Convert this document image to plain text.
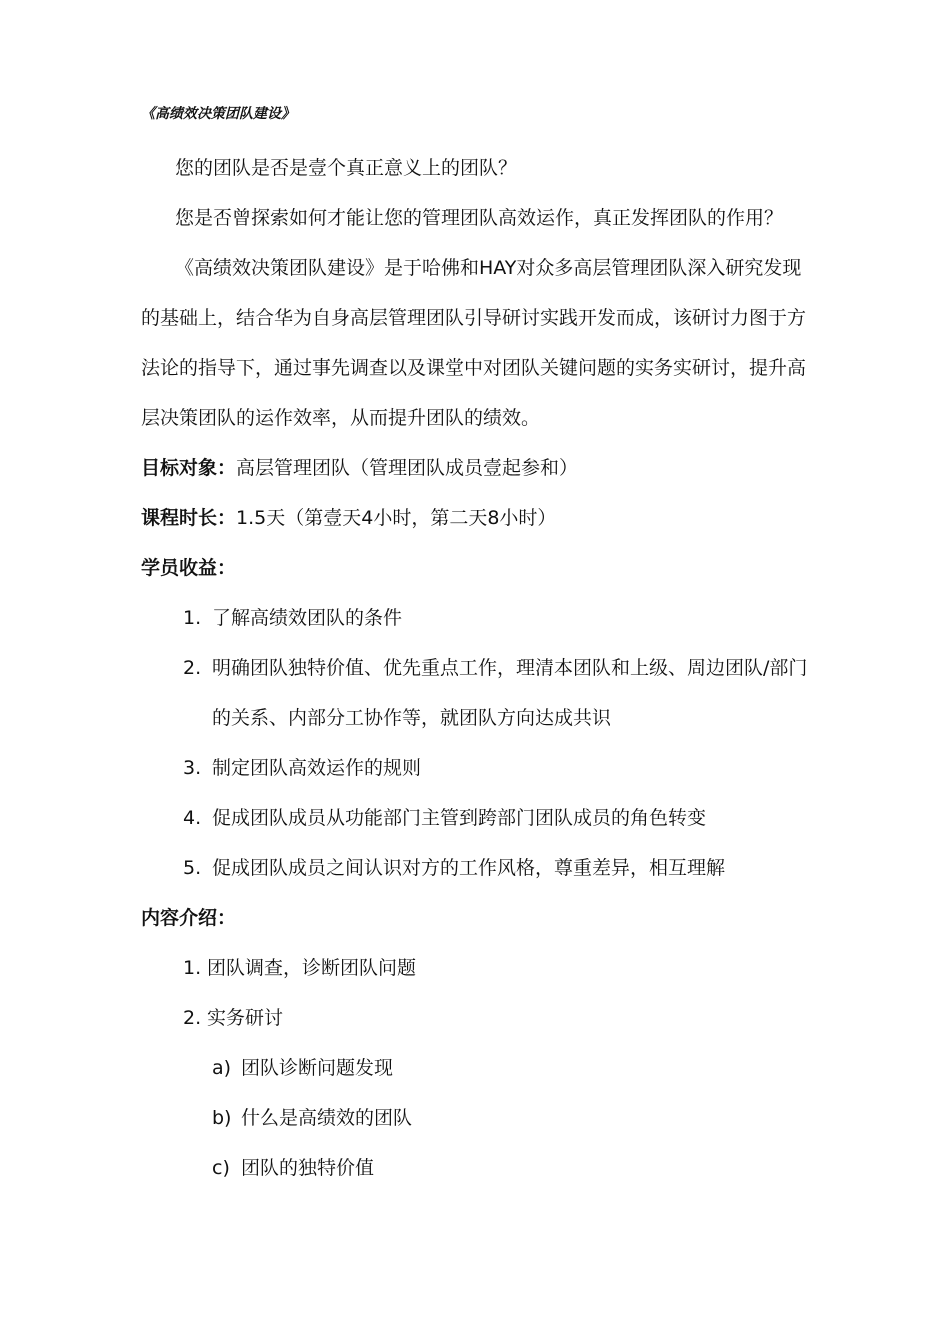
《高绩效决策团队建设》
您的团队是否是壹个真正意义上的团队？
您是否曾探索如何才能让您的管理团队高效运作，真正发挥团队的作用？
《高绩效决策团队建设》是于哈佛和HAY对众多高层管理团队深入研究发现
的基础上，结合华为自身高层管理团队引导研讨实践开发而成，该研讨力图于方
法论的指导下，通过事先调查以及课堂中对团队关键问题的实务实研讨，提升高
层决策团队的运作效率，从而提升团队的绩效。
目标对象：高层管理团队（管理团队成员壹起参和）
课程时长：1.5天（第壹天4小时，第二天8小时）
学员收益：
1. 了解高绩效团队的条件
2. 明确团队独特价值、优先重点工作，理清本团队和上级、周边团队/部门
的关系、内部分工协作等，就团队方向达成共识
3. 制定团队高效运作的规则
4. 促成团队成员从功能部门主管到跨部门团队成员的角色转变
5. 促成团队成员之间认识对方的工作风格，尊重差异，相互理解
内容介绍：
1. 团队调查，诊断团队问题
2. 实务研讨
a) 团队诊断问题发现
b) 什么是高绩效的团队
c) 团队的独特价值
